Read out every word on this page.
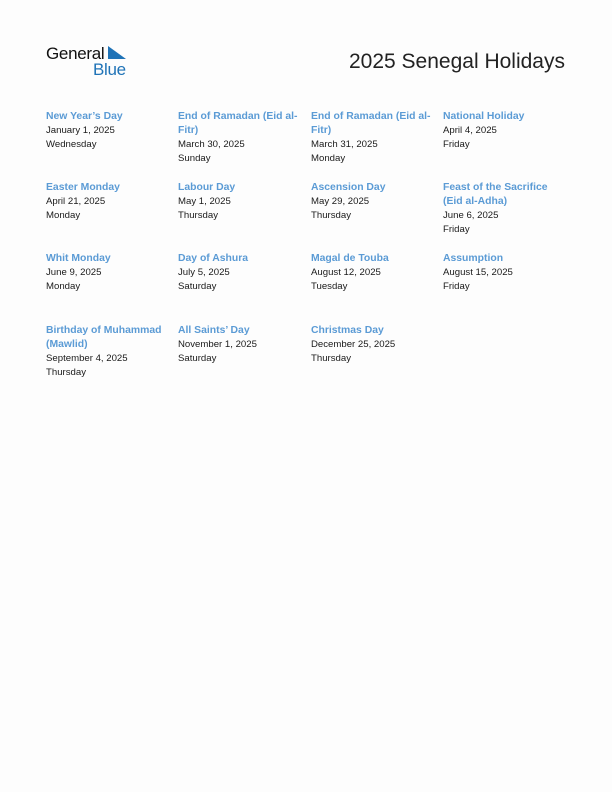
General
Blue	2025 Senegal Holidays
New Year’s Day
January 1, 2025
Wednesday
End of Ramadan (Eid al-Fitr)
March 30, 2025
Sunday
End of Ramadan (Eid al-Fitr)
March 31, 2025
Monday
National Holiday
April 4, 2025
Friday
Easter Monday
April 21, 2025
Monday
Labour Day
May 1, 2025
Thursday
Ascension Day
May 29, 2025
Thursday
Feast of the Sacrifice (Eid al-Adha)
June 6, 2025
Friday
Whit Monday
June 9, 2025
Monday
Day of Ashura
July 5, 2025
Saturday
Magal de Touba
August 12, 2025
Tuesday
Assumption
August 15, 2025
Friday
Birthday of Muhammad (Mawlid)
September 4, 2025
Thursday
All Saints’ Day
November 1, 2025
Saturday
Christmas Day
December 25, 2025
Thursday
